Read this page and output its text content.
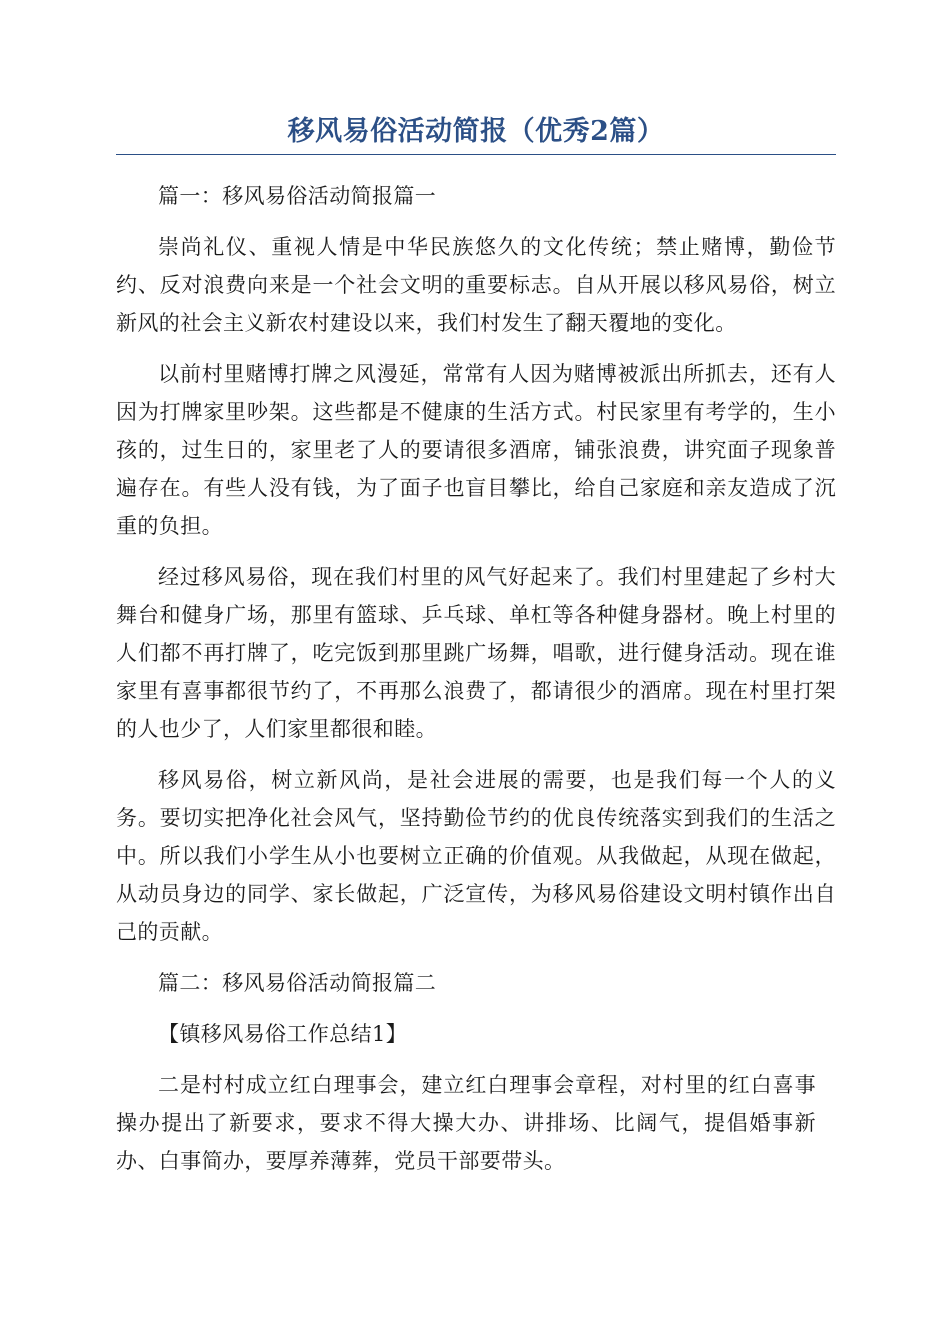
移风易俗活动简报（优秀2篇）

篇一：移风易俗活动简报篇一

崇尚礼仪、重视人情是中华民族悠久的文化传统；禁止赌博，勤俭节约、反对浪费向来是一个社会文明的重要标志。自从开展以移风易俗，树立新风的社会主义新农村建设以来，我们村发生了翻天覆地的变化。

以前村里赌博打牌之风漫延，常常有人因为赌博被派出所抓去，还有人因为打牌家里吵架。这些都是不健康的生活方式。村民家里有考学的，生小孩的，过生日的，家里老了人的要请很多酒席，铺张浪费，讲究面子现象普遍存在。有些人没有钱，为了面子也盲目攀比，给自己家庭和亲友造成了沉重的负担。

经过移风易俗，现在我们村里的风气好起来了。我们村里建起了乡村大舞台和健身广场，那里有篮球、乒乓球、单杠等各种健身器材。晚上村里的人们都不再打牌了，吃完饭到那里跳广场舞，唱歌，进行健身活动。现在谁家里有喜事都很节约了，不再那么浪费了，都请很少的酒席。现在村里打架的人也少了，人们家里都很和睦。

移风易俗，树立新风尚，是社会进展的需要，也是我们每一个人的义务。要切实把净化社会风气，坚持勤俭节约的优良传统落实到我们的生活之中。所以我们小学生从小也要树立正确的价值观。从我做起，从现在做起，从动员身边的同学、家长做起，广泛宣传，为移风易俗建设文明村镇作出自己的贡献。

篇二：移风易俗活动简报篇二

【镇移风易俗工作总结1】

二是村村成立红白理事会，建立红白理事会章程，对村里的红白喜事操办提出了新要求，要求不得大操大办、讲排场、比阔气，提倡婚事新办、白事简办，要厚养薄葬，党员干部要带头。
